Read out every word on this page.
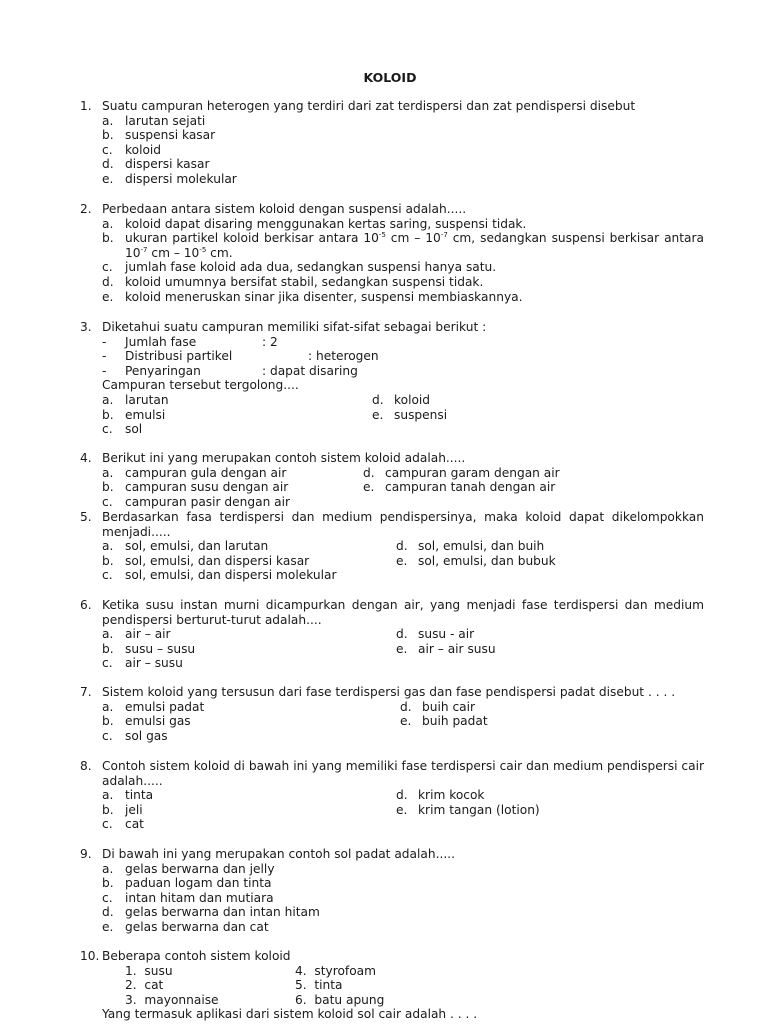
KOLOID
1. Suatu campuran heterogen yang terdiri dari zat terdispersi dan zat pendispersi disebut
a. larutan sejati
b. suspensi kasar
c. koloid
d. dispersi kasar
e. dispersi molekular
2. Perbedaan antara sistem koloid dengan suspensi adalah.....
a. koloid dapat disaring menggunakan kertas saring, suspensi tidak.
b. ukuran partikel koloid berkisar antara $10^{-5}$ cm – $10^{-7}$ cm, sedangkan suspensi berkisar antara $10^{-7}$ cm – $10^{-5}$ cm.
c. jumlah fase koloid ada dua, sedangkan suspensi hanya satu.
d. koloid umumnya bersifat stabil, sedangkan suspensi tidak.
e. koloid meneruskan sinar jika disenter, suspensi membiaskannya.
3. Diketahui suatu campuran memiliki sifat-sifat sebagai berikut :
- Jumlah fase	: 2
- Distribusi partikel	: heterogen
- Penyaringan	: dapat disaring
Campuran tersebut tergolong....
a. larutan	d. koloid
b. emulsi	e. suspensi
c. sol
4. Berikut ini yang merupakan contoh sistem koloid adalah.....
a. campuran gula dengan air	d. campuran garam dengan air
b. campuran susu dengan air	e. campuran tanah dengan air
c. campuran pasir dengan air
5. Berdasarkan fasa terdispersi dan medium pendispersinya, maka koloid dapat dikelompokkan menjadi.....
a. sol, emulsi, dan larutan	d. sol, emulsi, dan buih
b. sol, emulsi, dan dispersi kasar	e. sol, emulsi, dan bubuk
c. sol, emulsi, dan dispersi molekular
6. Ketika susu instan murni dicampurkan dengan air, yang menjadi fase terdispersi dan medium pendispersi berturut-turut adalah....
a. air – air	d. susu - air
b. susu – susu	e. air – air susu
c. air – susu
7. Sistem koloid yang tersusun dari fase terdispersi gas dan fase pendispersi padat disebut . . . .
a. emulsi padat	d. buih cair
b. emulsi gas	e. buih padat
c. sol gas
8. Contoh sistem koloid di bawah ini yang memiliki fase terdispersi cair dan medium pendispersi cair adalah.....
a. tinta	d. krim kocok
b. jeli	e. krim tangan (lotion)
c. cat
9. Di bawah ini yang merupakan contoh sol padat adalah.....
a. gelas berwarna dan jelly
b. paduan logam dan tinta
c. intan hitam dan mutiara
d. gelas berwarna dan intan hitam
e. gelas berwarna dan cat
10. Beberapa contoh sistem koloid
1. susu	4. styrofoam
2. cat	5. tinta
3. mayonnaise	6. batu apung
Yang termasuk aplikasi dari sistem koloid sol cair adalah . . . .
